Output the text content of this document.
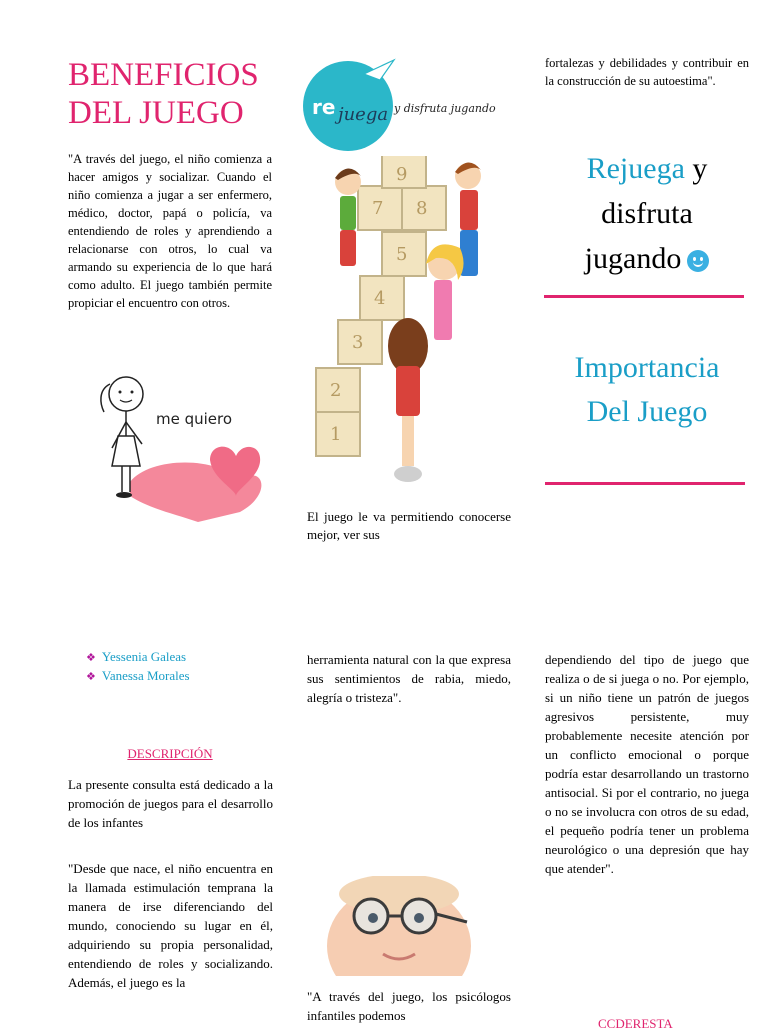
BENEFICIOS DEL JUEGO
"A través del juego, el niño comienza a hacer amigos y socializar. Cuando el niño comienza a jugar a ser enfermero, médico, doctor, papá o policía, va entendiendo de roles y aprendiendo a relacionarse con otros, lo cual va armando su experiencia de lo que hará como adulto. El juego también permite propiciar el encuentro con otros.
me quiero
❖ Yessenia Galeas
❖ Vanessa Morales
DESCRIPCIÓN
La presente consulta está dedicado a la promoción de juegos para el desarrollo de los infantes
"Desde que nace, el niño encuentra en la llamada estimulación temprana la manera de irse diferenciando del mundo, conociendo su lugar en él, adquiriendo su propia personalidad, entendiendo de roles y socializando. Además, el juego es la
re juega y disfruta jugando
1
2
3
4
5
7 8
9
El juego le va permitiendo conocerse mejor, ver sus
herramienta natural con la que expresa sus sentimientos de rabia, miedo, alegría o tristeza".
"A través del juego, los psicólogos infantiles podemos
fortalezas y debilidades y contribuir en la construcción de su autoestima".
Rejuega y
disfruta
jugando
Importancia
Del Juego
dependiendo del tipo de juego que realiza o de si juega o no. Por ejemplo, si un niño tiene un patrón de juegos agresivos persistente, muy probablemente necesite atención por un conflicto emocional o porque podría estar desarrollando un trastorno antisocial. Si por el contrario, no juega o no se involucra con otros de su edad, el pequeño podría tener un problema neurológico o una depresión que hay que atender".
CCDERESTA
